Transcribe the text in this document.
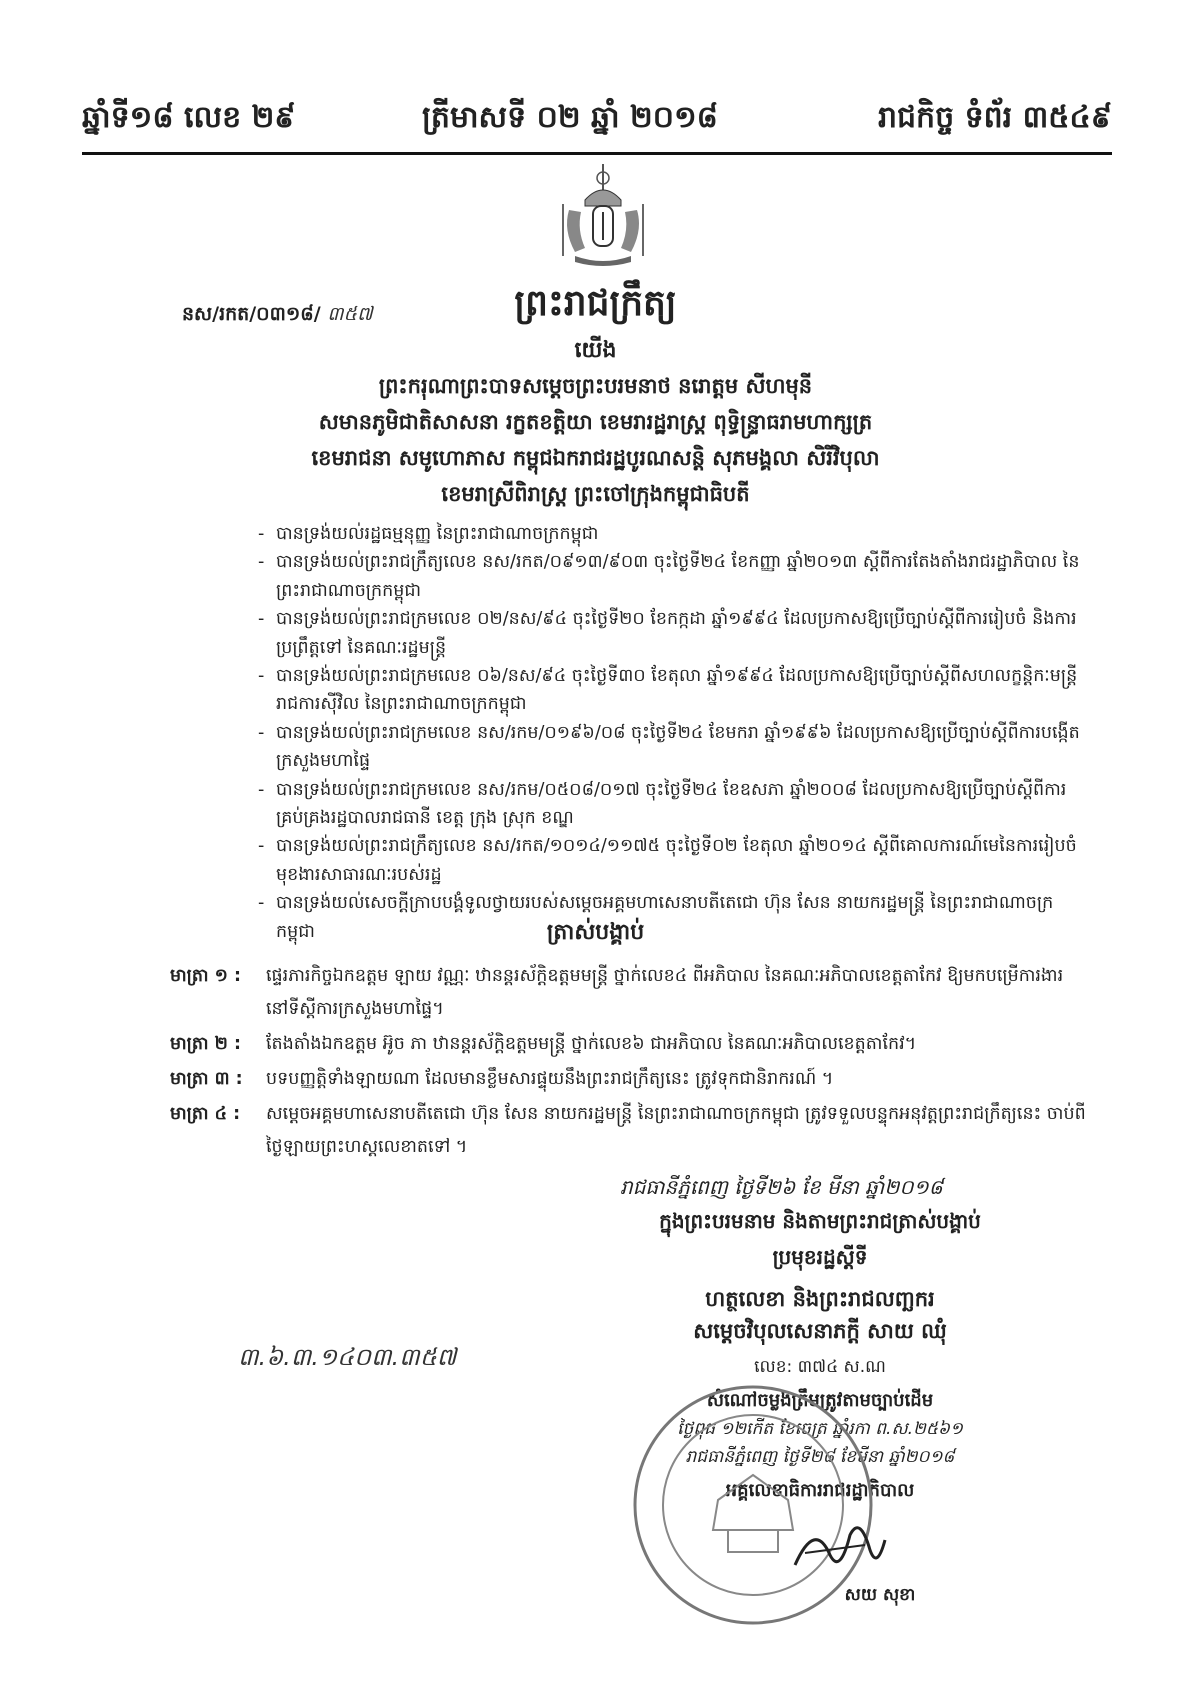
ឆ្នាំទី១៨ លេខ ២៩	ត្រីមាសទី ០២ ឆ្នាំ ២០១៨	រាជកិច្ច ទំព័រ ៣៥៤៩
ព្រះរាជក្រឹត្យ
នស/រកត/០៣១៨/ ៣៥៧
យើង
ព្រះករុណាព្រះបាទសម្តេចព្រះបរមនាថ នរោត្តម សីហមុនី
សមានភូមិជាតិសាសនា រក្ខតខត្តិយា ខេមរារដ្ឋរាស្ត្រ ពុទ្ធិន្ទ្រាធរាមហាក្សត្រ
ខេមរាជនា សមូហោភាស កម្ពុជឯករាជរដ្ឋបូរណសន្តិ សុភមង្គលា សិរីវិបុលា
ខេមរាស្រីពិរាស្ត្រ ព្រះចៅក្រុងកម្ពុជាធិបតី
- បានទ្រង់យល់រដ្ឋធម្មនុញ្ញ នៃព្រះរាជាណាចក្រកម្ពុជា
- បានទ្រង់យល់ព្រះរាជក្រឹត្យលេខ នស/រកត/០៩១៣/៩០៣ ចុះថ្ងៃទី២៤ ខែកញ្ញា ឆ្នាំ២០១៣ ស្តីពីការតែងតាំងរាជរដ្ឋាភិបាល នៃព្រះរាជាណាចក្រកម្ពុជា
- បានទ្រង់យល់ព្រះរាជក្រមលេខ ០២/នស/៩៤ ចុះថ្ងៃទី២០ ខែកក្កដា ឆ្នាំ១៩៩៤ ដែលប្រកាសឱ្យប្រើច្បាប់ស្តីពីការរៀបចំ និងការប្រព្រឹត្តទៅ នៃគណៈរដ្ឋមន្ត្រី
- បានទ្រង់យល់ព្រះរាជក្រមលេខ ០៦/នស/៩៤ ចុះថ្ងៃទី៣០ ខែតុលា ឆ្នាំ១៩៩៤ ដែលប្រកាសឱ្យប្រើច្បាប់ស្តីពីសហលក្ខន្តិកៈមន្ត្រីរាជការស៊ីវិល នៃព្រះរាជាណាចក្រកម្ពុជា
- បានទ្រង់យល់ព្រះរាជក្រមលេខ នស/រកម/០១៩៦/០៨ ចុះថ្ងៃទី២៤ ខែមករា ឆ្នាំ១៩៩៦ ដែលប្រកាសឱ្យប្រើច្បាប់ស្តីពីការបង្កើតក្រសួងមហាផ្ទៃ
- បានទ្រង់យល់ព្រះរាជក្រមលេខ នស/រកម/០៥០៨/០១៧ ចុះថ្ងៃទី២៤ ខែឧសភា ឆ្នាំ២០០៨ ដែលប្រកាសឱ្យប្រើច្បាប់ស្តីពីការគ្រប់គ្រងរដ្ឋបាលរាជធានី ខេត្ត ក្រុង ស្រុក ខណ្ឌ
- បានទ្រង់យល់ព្រះរាជក្រឹត្យលេខ នស/រកត/១០១៤/១១៧៥ ចុះថ្ងៃទី០២ ខែតុលា ឆ្នាំ២០១៤ ស្តីពីគោលការណ៍មេនៃការរៀបចំមុខងារសាធារណៈរបស់រដ្ឋ
- បានទ្រង់យល់សេចក្តីក្រាបបង្គំទូលថ្វាយរបស់សម្តេចអគ្គមហាសេនាបតីតេជោ ហ៊ុន សែន នាយករដ្ឋមន្ត្រី នៃព្រះរាជាណាចក្រកម្ពុជា	ត្រាស់បង្គាប់
មាត្រា ១ : ផ្ទេរភារកិច្ចឯកឧត្តម ឡាយ វណ្ណៈ ឋានន្តរស័ក្តិឧត្តមមន្ត្រី ថ្នាក់លេខ៤ ពីអភិបាល នៃគណៈអភិបាលខេត្តតាកែវ ឱ្យមកបម្រើការងារនៅទីស្តីការក្រសួងមហាផ្ទៃ។
មាត្រា ២ : តែងតាំងឯកឧត្តម អ៊ូច ភា ឋានន្តរស័ក្តិឧត្តមមន្ត្រី ថ្នាក់លេខ៦ ជាអភិបាល នៃគណៈអភិបាលខេត្តតាកែវ។
មាត្រា ៣ : បទបញ្ញត្តិទាំងឡាយណា ដែលមានខ្លឹមសារផ្ទុយនឹងព្រះរាជក្រឹត្យនេះ ត្រូវទុកជានិរាករណ៍ ។
មាត្រា ៤ : សម្តេចអគ្គមហាសេនាបតីតេជោ ហ៊ុន សែន នាយករដ្ឋមន្ត្រី នៃព្រះរាជាណាចក្រកម្ពុជា ត្រូវទទួលបន្ទុកអនុវត្តព្រះរាជក្រឹត្យនេះ ចាប់ពីថ្ងៃឡាយព្រះហស្តលេខាតទៅ ។
រាជធានីភ្នំពេញ ថ្ងៃទី២៦ ខែ មីនា ឆ្នាំ២០១៨
ក្នុងព្រះបរមនាម និងតាមព្រះរាជត្រាស់បង្គាប់
ប្រមុខរដ្ឋស្តីទី
ហត្ថលេខា និងព្រះរាជលញ្ឆករ
សម្តេចវិបុលសេនាភក្តី សាយ ឈុំ
លេខ: ៣៧៤ ស.ណ
សំណៅចម្លងត្រឹមត្រូវតាមច្បាប់ដើម
ថ្ងៃពុធ ១២កើត ខែចេត្រ ឆ្នាំរកា ព.ស.២៥៦១
រាជធានីភ្នំពេញ ថ្ងៃទី២៨ ខែមីនា ឆ្នាំ២០១៨
អគ្គលេខាធិការរាជរដ្ឋាភិបាល
សយ សុខា
៣.៦.៣.១៤០៣.៣៥៧
